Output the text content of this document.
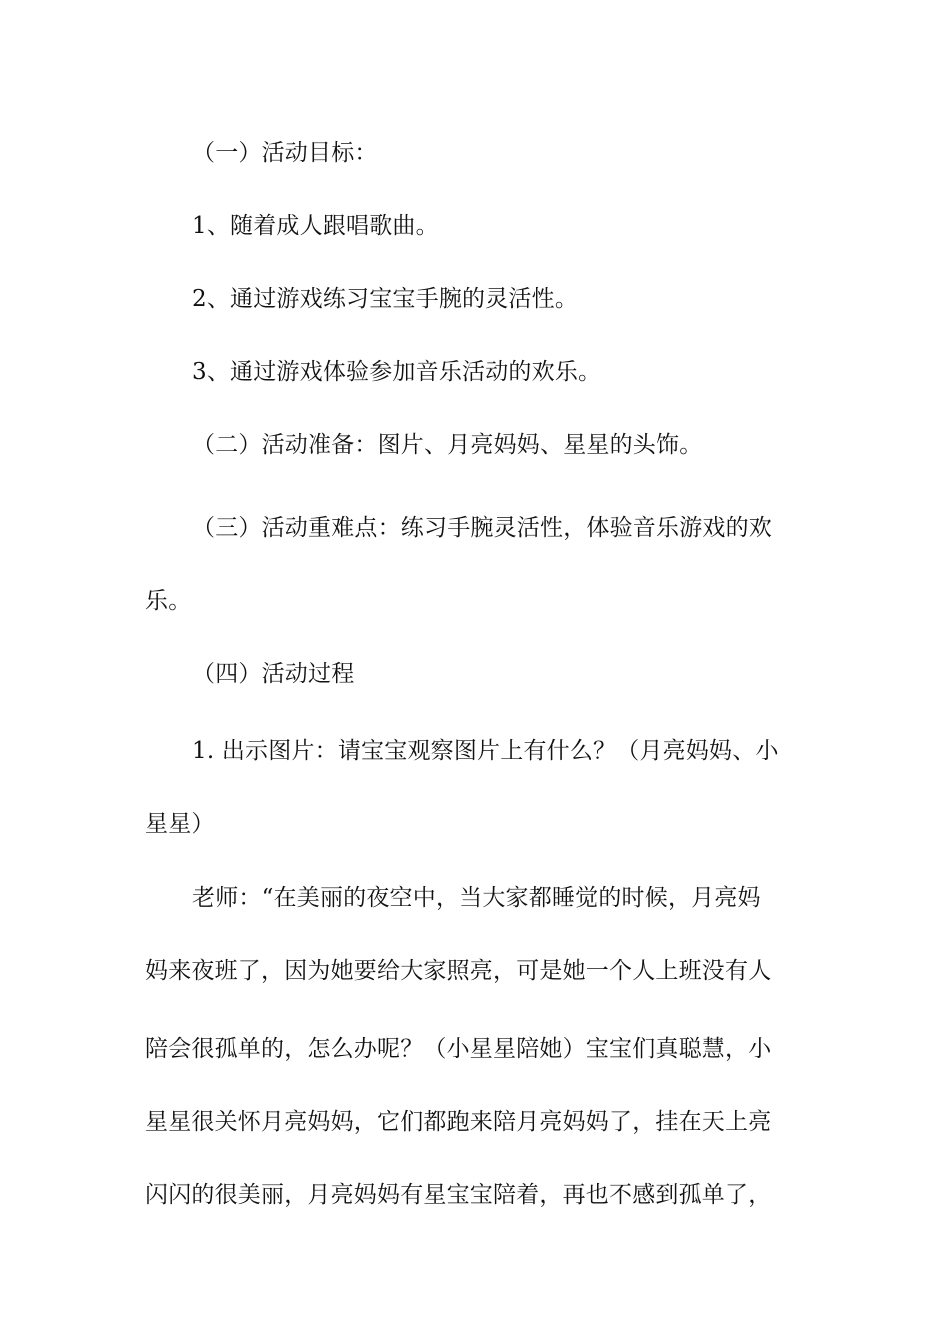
（一）活动目标：
1、随着成人跟唱歌曲。
2、通过游戏练习宝宝手腕的灵活性。
3、通过游戏体验参加音乐活动的欢乐。
（二）活动准备：图片、月亮妈妈、星星的头饰。
（三）活动重难点：练习手腕灵活性，体验音乐游戏的欢
乐。
（四）活动过程
1. 出示图片：请宝宝观察图片上有什么？（月亮妈妈、小
星星）
老师：“在美丽的夜空中，当大家都睡觉的时候，月亮妈
妈来夜班了，因为她要给大家照亮，可是她一个人上班没有人
陪会很孤单的，怎么办呢？（小星星陪她）宝宝们真聪慧，小
星星很关怀月亮妈妈，它们都跑来陪月亮妈妈了，挂在天上亮
闪闪的很美丽，月亮妈妈有星宝宝陪着，再也不感到孤单了，
